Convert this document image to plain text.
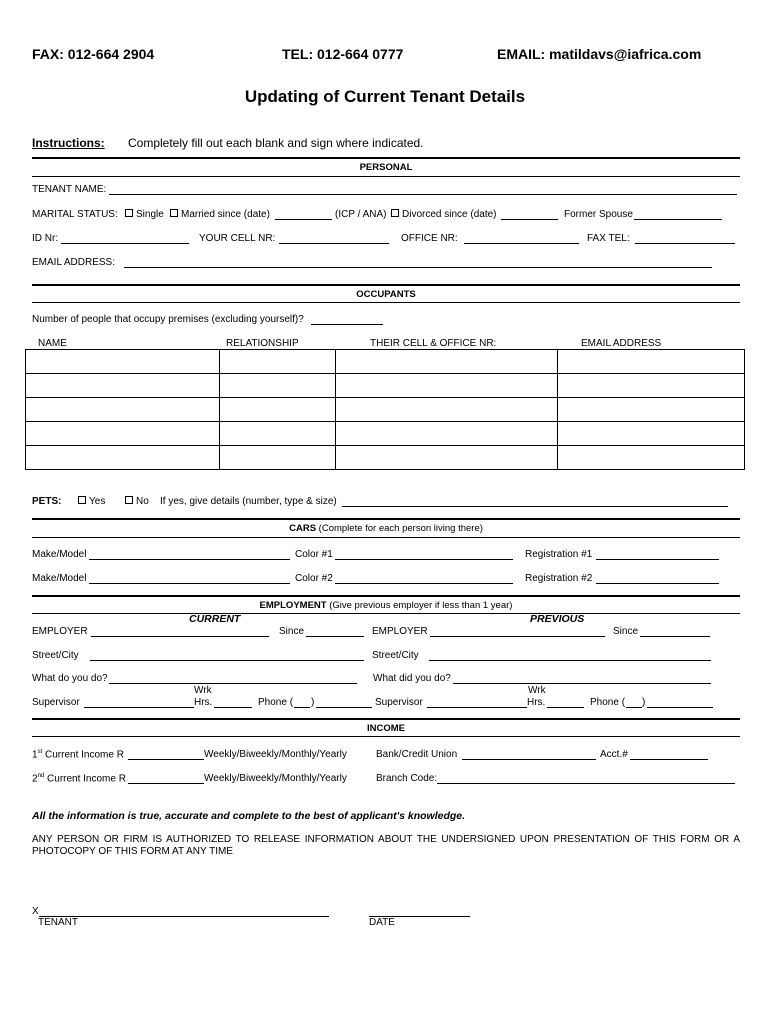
FAX: 012-664 2904	TEL: 012-664 0777	EMAIL: matildavs@iafrica.com
Updating of Current Tenant Details
Instructions: Completely fill out each blank and sign where indicated.
PERSONAL
TENANT NAME:
MARITAL STATUS:	Single	Married since (date)	(ICP / ANA)	Divorced since (date)	Former Spouse
ID Nr:	YOUR CELL NR:	OFFICE NR:	FAX TEL:
EMAIL ADDRESS:
OCCUPANTS
Number of people that occupy premises (excluding yourself)?
NAME	RELATIONSHIP	THEIR CELL & OFFICE NR:	EMAIL ADDRESS

PETS:	Yes	No If yes, give details (number, type & size)
CARS (Complete for each person living there)
Make/Model	Color #1	Registration #1
Make/Model	Color #2	Registration #2
EMPLOYMENT (Give previous employer if less than 1 year)
CURRENT	PREVIOUS
EMPLOYER	Since
Street/City
What do you do?
Wrk
Supervisor	Hrs.	Phone ( )
EMPLOYER	Since
Street/City
What did you do?
Wrk
Supervisor	Hrs.	Phone ( )
INCOME
1st Current Income R	Weekly/Biweekly/Monthly/Yearly	Bank/Credit Union	Acct.#
2nd Current Income R	Weekly/Biweekly/Monthly/Yearly	Branch Code:
All the information is true, accurate and complete to the best of applicant's knowledge.
ANY PERSON OR FIRM IS AUTHORIZED TO RELEASE INFORMATION ABOUT THE UNDERSIGNED UPON PRESENTATION OF THIS FORM OR A PHOTOCOPY OF THIS FORM AT ANY TIME
X
TENANT	DATE
